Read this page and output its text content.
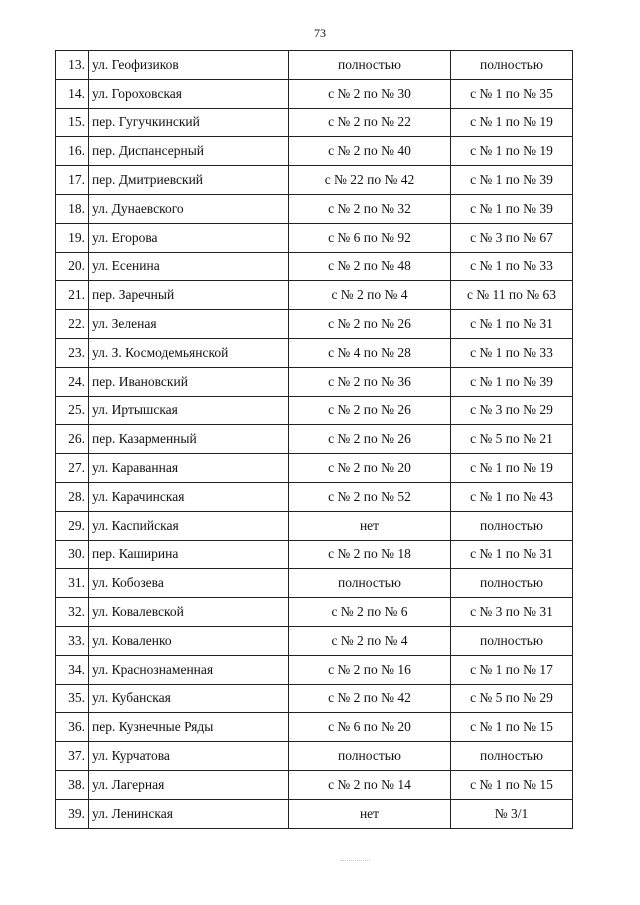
73
13.	ул. Геофизиков	полностью	полностью
14.	ул. Гороховская	с № 2 по № 30	с № 1 по № 35
15.	пер. Гугучкинский	с № 2 по № 22	с № 1 по № 19
16.	пер. Диспансерный	с № 2 по № 40	с № 1 по № 19
17.	пер. Дмитриевский	с № 22 по № 42	с № 1 по № 39
18.	ул. Дунаевского	с № 2 по № 32	с № 1 по № 39
19.	ул. Егорова	с № 6 по № 92	с № 3 по № 67
20.	ул. Есенина	с № 2 по № 48	с № 1 по № 33
21.	пер. Заречный	с № 2 по № 4	с № 11 по № 63
22.	ул. Зеленая	с № 2 по № 26	с № 1 по № 31
23.	ул. З. Космодемьянской	с № 4 по № 28	с № 1 по № 33
24.	пер. Ивановский	с № 2 по № 36	с № 1 по № 39
25.	ул. Иртышская	с № 2 по № 26	с № 3 по № 29
26.	пер. Казарменный	с № 2 по № 26	с № 5 по № 21
27.	ул. Караванная	с № 2 по № 20	с № 1 по № 19
28.	ул. Карачинская	с № 2 по № 52	с № 1 по № 43
29.	ул. Каспийская	нет	полностью
30.	пер. Каширина	с № 2 по № 18	с № 1 по № 31
31.	ул. Кобозева	полностью	полностью
32.	ул. Ковалевской	с № 2 по № 6	с № 3 по № 31
33.	ул. Коваленко	с № 2 по № 4	полностью
34.	ул. Краснознаменная	с № 2 по № 16	с № 1 по № 17
35.	ул. Кубанская	с № 2 по № 42	с № 5 по № 29
36.	пер. Кузнечные Ряды	с № 6 по № 20	с № 1 по № 15
37.	ул. Курчатова	полностью	полностью
38.	ул. Лагерная	с № 2 по № 14	с № 1 по № 15
39.	ул. Ленинская	нет	№ 3/1
